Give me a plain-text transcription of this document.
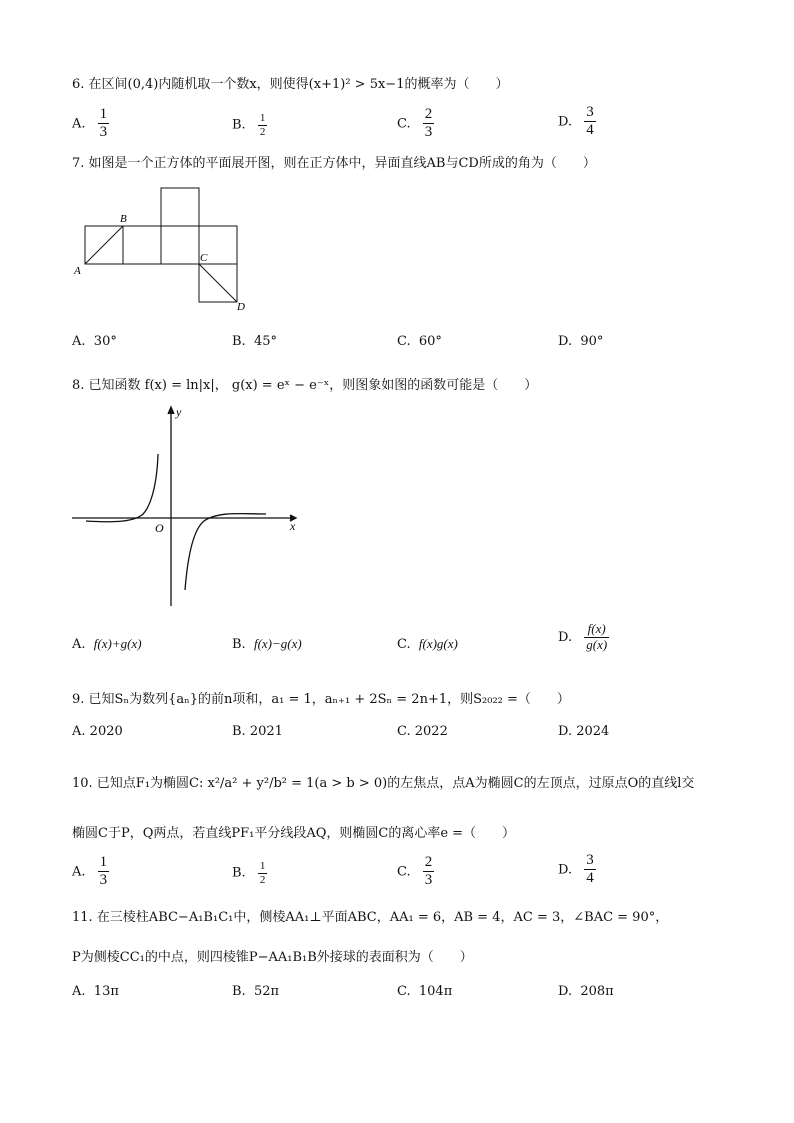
6. 在区间(0,4)内随机取一个数x，则使得(x+1)² > 5x−1的概率为（　　）
A. $\frac{1}{3}$	B. $\frac{1}{2}$	C. $\frac{2}{3}$	D. $\frac{3}{4}$
7. 如图是一个正方体的平面展开图，则在正方体中，异面直线AB与CD所成的角为（　　）
A
B
C
D
A. 30°	B. 45°	C. 60°	D. 90°
8. 已知函数 f(x) = ln|x|， g(x) = eˣ − e⁻ˣ，则图象如图的函数可能是（　　）
y
x
O
A. f(x)+g(x)	B. f(x)−g(x)	C. f(x)g(x)	D. $\frac{f(x)}{g(x)}$
9. 已知Sₙ为数列{aₙ}的前n项和，a₁ = 1，aₙ₊₁ + 2Sₙ = 2n+1，则S₂₀₂₂ =（　　）
A. 2020	B. 2021	C. 2022	D. 2024
10. 已知点F₁为椭圆C: x²/a² + y²/b² = 1(a > b > 0)的左焦点，点A为椭圆C的左顶点，过原点O的直线l交
椭圆C于P，Q两点，若直线PF₁平分线段AQ，则椭圆C的离心率e =（　　）
A. $\frac{1}{3}$	B. $\frac{1}{2}$	C. $\frac{2}{3}$	D. $\frac{3}{4}$
11. 在三棱柱ABC−A₁B₁C₁中，侧棱AA₁⊥平面ABC，AA₁ = 6，AB = 4，AC = 3，∠BAC = 90°，
P为侧棱CC₁的中点，则四棱锥P−AA₁B₁B外接球的表面积为（　　）
A. 13π	B. 52π	C. 104π	D. 208π
